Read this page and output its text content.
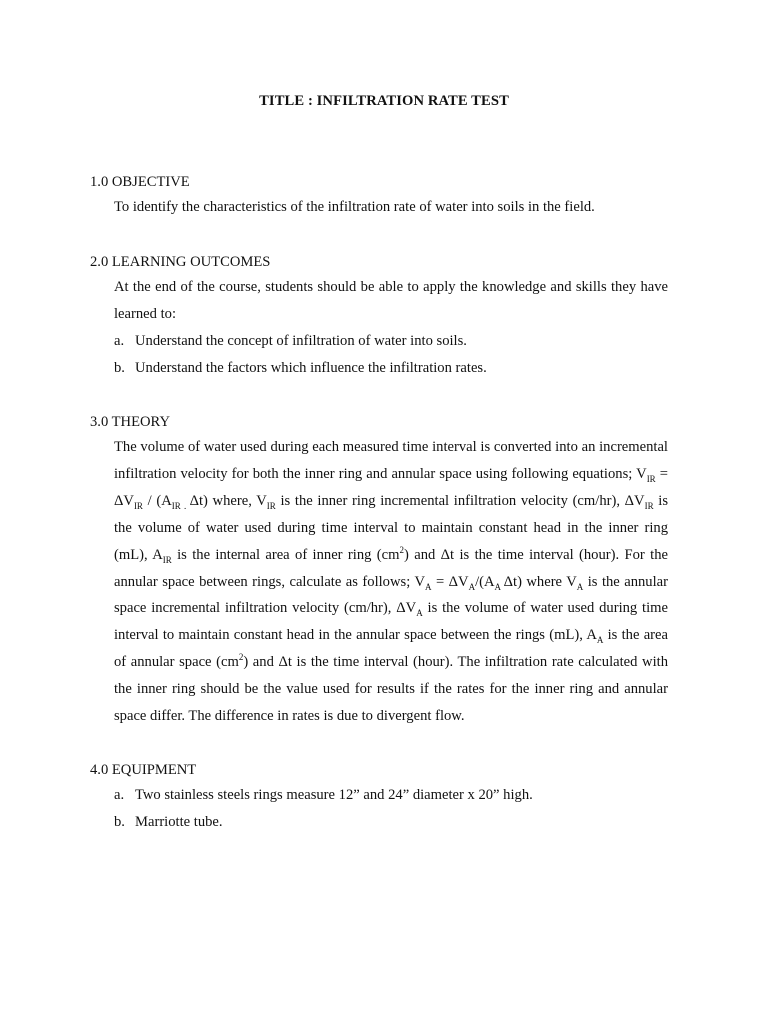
TITLE : INFILTRATION RATE TEST
1.0 OBJECTIVE
To identify the characteristics of the infiltration rate of water into soils in the field.
2.0 LEARNING OUTCOMES
At the end of the course, students should be able to apply the knowledge and skills they have learned to:
a. Understand the concept of infiltration of water into soils.
b. Understand the factors which influence the infiltration rates.
3.0 THEORY
The volume of water used during each measured time interval is converted into an incremental infiltration velocity for both the inner ring and annular space using following equations; $V_{IR} = \Delta V_{IR} / (A_{IR .}$ Δt) where, $V_{IR}$ is the inner ring incremental infiltration velocity (cm/hr), $\Delta V_{IR}$ is the volume of water used during time interval to maintain constant head in the inner ring (mL), $A_{IR}$ is the internal area of inner ring $(cm^2)$ and Δt is the time interval (hour). For the annular space between rings, calculate as follows; $V_A = \Delta V_A/(A_A$ Δt) where $V_A$ is the annular space incremental infiltration velocity (cm/hr), $\Delta V_A$ is the volume of water used during time interval to maintain constant head in the annular space between the rings (mL), $A_A$ is the area of annular space $(cm^2)$ and Δt is the time interval (hour). The infiltration rate calculated with the inner ring should be the value used for results if the rates for the inner ring and annular space differ. The difference in rates is due to divergent flow.
4.0 EQUIPMENT
a. Two stainless steels rings measure 12” and 24” diameter x 20” high.
b. Marriotte tube.
